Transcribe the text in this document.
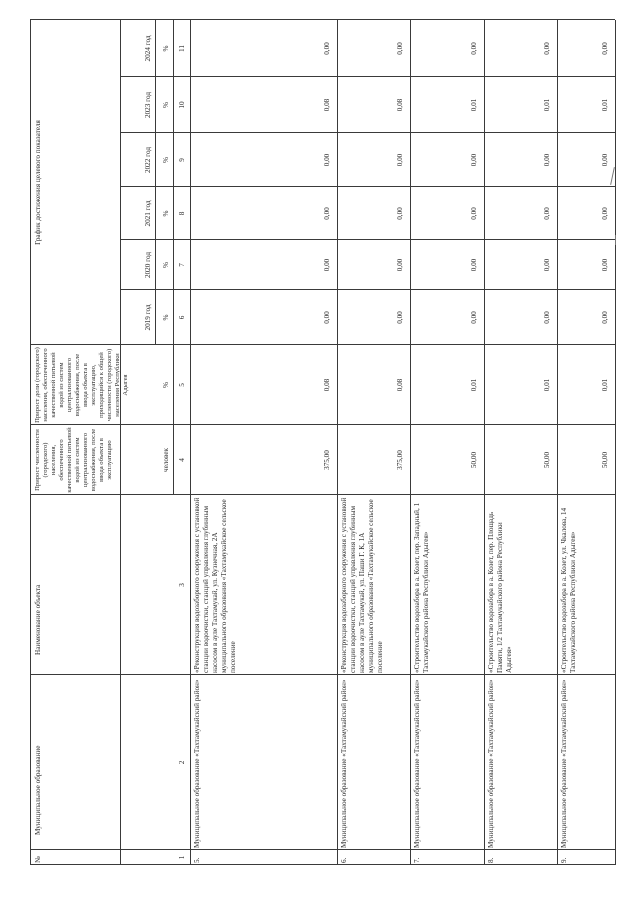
№
Муниципальное образование
Наименование объекта
Прирост численности (городского) населения, обеспеченного качественной питьевой водой из систем централизованного водоснабжения, после ввода объекта в эксплуатацию
Прирост доли (городского) населения, обеспеченного качественной питьевой водой из систем централизованного водоснабжения, после ввода объекта в эксплуатацию, приходящийся к общей численности (городского) населения Республики Адыгея
График достижения целевого показателя
2019 год
2020 год
2021 год
2022 год
2023 год
2024 год
человек
%
%
%
%
%
%
%
1
2
3
4
5
6
7
8
9
10
11
5.
Муниципальное образование «Тахтамукайский район»
«Реконструкция водозаборного сооружения с установкой станции водоочистки, станций управления глубинным насосом в ауле Тахтамукай, ул. Кузнечная, 2А муниципального образования «Тахтамукайское сельское поселение
375,00
0,08
0,00
0,00
0,00
0,00
0,08
0,00
6.
Муниципальное образование «Тахтамукайский район»
«Реконструкция водозаборного сооружения с установкой станции водоочистки, станций управления глубинным насосом в ауле Тахтамукай, ул. Паши Г. К, 1А муниципального образования «Тахтамукайское сельское поселение
375,00
0,08
0,00
0,00
0,00
0,00
0,08
0,00
7.
Муниципальное образование «Тахтамукайский район»
«Строительство водозабора в а. Козет, пер. Западный, 1 Тахтамукайского района Республики Адыгея»
50,00
0,01
0,00
0,00
0,00
0,00
0,01
0,00
8.
Муниципальное образование «Тахтамукайский район»
«Строительство водозабора в а. Козет, пер. Площадь Памяти, 1/2 Тахтамукайского района Республики Адыгея»
50,00
0,01
0,00
0,00
0,00
0,00
0,01
0,00
9.
Муниципальное образование «Тахтамукайский район»
«Строительство водозабора в а. Козет, ул. Чкалова, 14 Тахтамукайского района Республики Адыгея»
50,00
0,01
0,00
0,00
0,00
0,00
0,01
0,00
